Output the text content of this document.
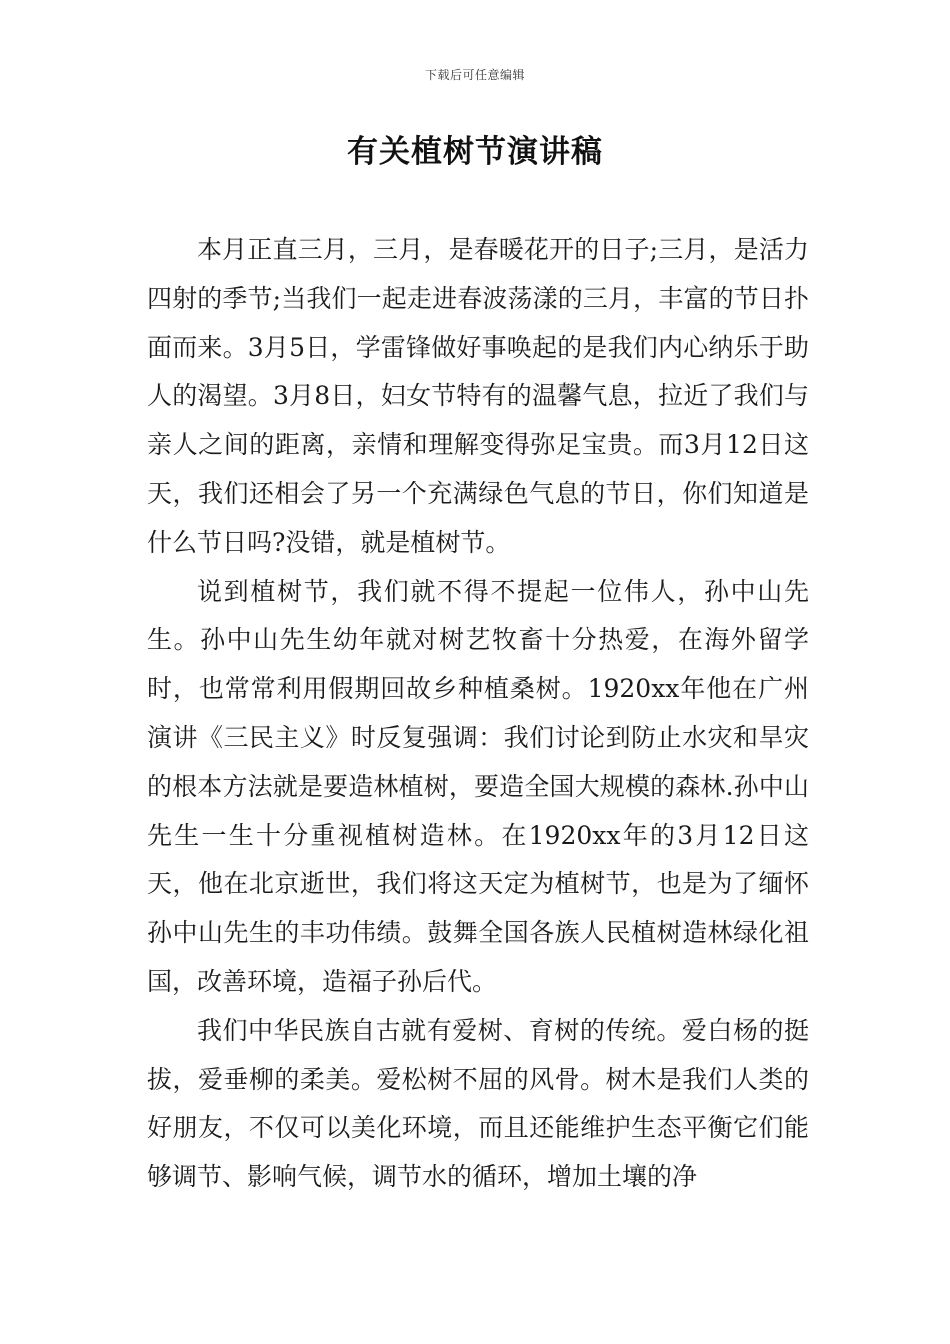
下载后可任意编辑
有关植树节演讲稿

本月正直三月，三月，是春暖花开的日子;三月，是活力四射的季节;当我们一起走进春波荡漾的三月，丰富的节日扑面而来。3月5日，学雷锋做好事唤起的是我们内心纳乐于助人的渴望。3月8日，妇女节特有的温馨气息，拉近了我们与亲人之间的距离，亲情和理解变得弥足宝贵。而3月12日这天，我们还相会了另一个充满绿色气息的节日，你们知道是什么节日吗?没错，就是植树节。

说到植树节，我们就不得不提起一位伟人，孙中山先生。孙中山先生幼年就对树艺牧畜十分热爱，在海外留学时，也常常利用假期回故乡种植桑树。1920xx年他在广州演讲《三民主义》时反复强调：我们讨论到防止水灾和旱灾的根本方法就是要造林植树，要造全国大规模的森林.孙中山先生一生十分重视植树造林。在1920xx年的3月12日这天，他在北京逝世，我们将这天定为植树节，也是为了缅怀孙中山先生的丰功伟绩。鼓舞全国各族人民植树造林绿化祖国，改善环境，造福子孙后代。

我们中华民族自古就有爱树、育树的传统。爱白杨的挺拔，爱垂柳的柔美。爱松树不屈的风骨。树木是我们人类的好朋友，不仅可以美化环境，而且还能维护生态平衡它们能够调节、影响气候，调节水的循环，增加土壤的净
